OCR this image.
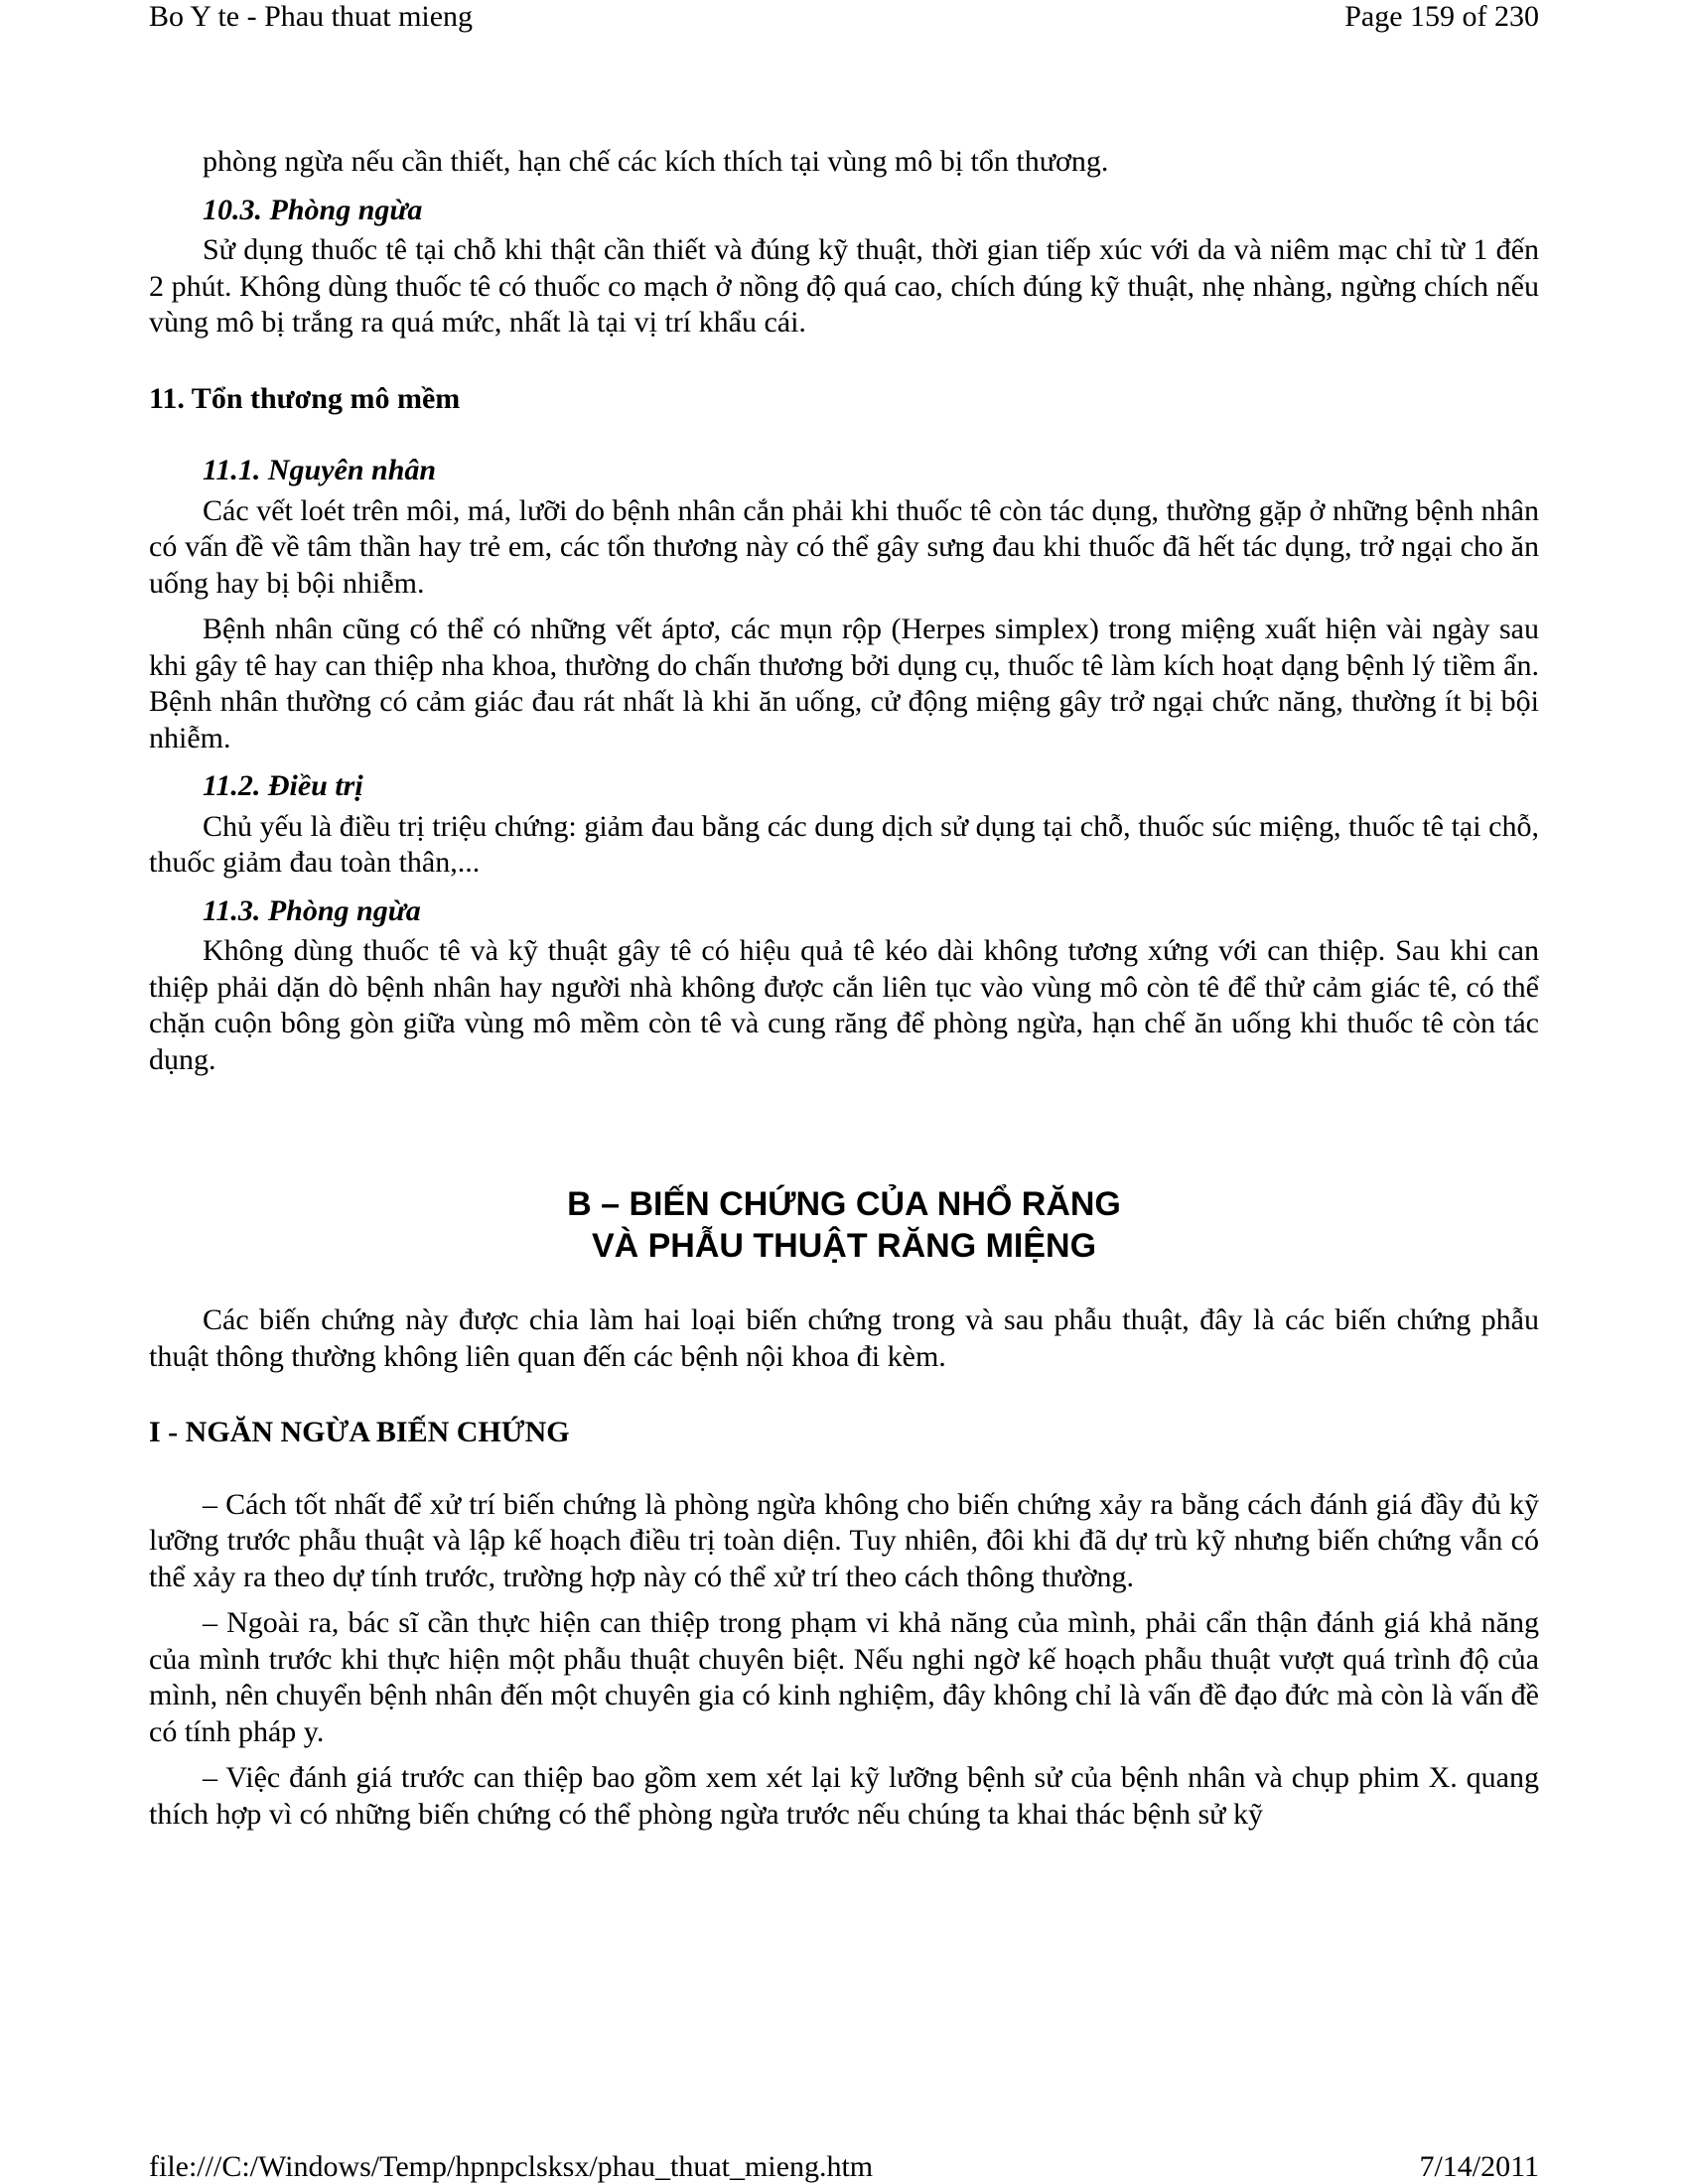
Bo Y te - Phau thuat mieng	Page 159 of 230

phòng ngừa nếu cần thiết, hạn chế các kích thích tại vùng mô bị tổn thương.

10.3. Phòng ngừa

Sử dụng thuốc tê tại chỗ khi thật cần thiết và đúng kỹ thuật, thời gian tiếp xúc với da và niêm mạc chỉ từ 1 đến 2 phút. Không dùng thuốc tê có thuốc co mạch ở nồng độ quá cao, chích đúng kỹ thuật, nhẹ nhàng, ngừng chích nếu vùng mô bị trắng ra quá mức, nhất là tại vị trí khẩu cái.

11. Tổn thương mô mềm

11.1. Nguyên nhân

Các vết loét trên môi, má, lưỡi do bệnh nhân cắn phải khi thuốc tê còn tác dụng, thường gặp ở những bệnh nhân có vấn đề về tâm thần hay trẻ em, các tổn thương này có thể gây sưng đau khi thuốc đã hết tác dụng, trở ngại cho ăn uống hay bị bội nhiễm.

Bệnh nhân cũng có thể có những vết áptơ, các mụn rộp (Herpes simplex) trong miệng xuất hiện vài ngày sau khi gây tê hay can thiệp nha khoa, thường do chấn thương bởi dụng cụ, thuốc tê làm kích hoạt dạng bệnh lý tiềm ẩn. Bệnh nhân thường có cảm giác đau rát nhất là khi ăn uống, cử động miệng gây trở ngại chức năng, thường ít bị bội nhiễm.

11.2. Điều trị

Chủ yếu là điều trị triệu chứng: giảm đau bằng các dung dịch sử dụng tại chỗ, thuốc súc miệng, thuốc tê tại chỗ, thuốc giảm đau toàn thân,...

11.3. Phòng ngừa

Không dùng thuốc tê và kỹ thuật gây tê có hiệu quả tê kéo dài không tương xứng với can thiệp. Sau khi can thiệp phải dặn dò bệnh nhân hay người nhà không được cắn liên tục vào vùng mô còn tê để thử cảm giác tê, có thể chặn cuộn bông gòn giữa vùng mô mềm còn tê và cung răng để phòng ngừa, hạn chế ăn uống khi thuốc tê còn tác dụng.

B – BIẾN CHỨNG CỦA NHỔ RĂNG
VÀ PHẪU THUẬT RĂNG MIỆNG

Các biến chứng này được chia làm hai loại biến chứng trong và sau phẫu thuật, đây là các biến chứng phẫu thuật thông thường không liên quan đến các bệnh nội khoa đi kèm.

I - NGĂN NGỪA BIẾN CHỨNG

– Cách tốt nhất để xử trí biến chứng là phòng ngừa không cho biến chứng xảy ra bằng cách đánh giá đầy đủ kỹ lưỡng trước phẫu thuật và lập kế hoạch điều trị toàn diện. Tuy nhiên, đôi khi đã dự trù kỹ nhưng biến chứng vẫn có thể xảy ra theo dự tính trước, trường hợp này có thể xử trí theo cách thông thường.

– Ngoài ra, bác sĩ cần thực hiện can thiệp trong phạm vi khả năng của mình, phải cẩn thận đánh giá khả năng của mình trước khi thực hiện một phẫu thuật chuyên biệt. Nếu nghi ngờ kế hoạch phẫu thuật vượt quá trình độ của mình, nên chuyển bệnh nhân đến một chuyên gia có kinh nghiệm, đây không chỉ là vấn đề đạo đức mà còn là vấn đề có tính pháp y.

– Việc đánh giá trước can thiệp bao gồm xem xét lại kỹ lưỡng bệnh sử của bệnh nhân và chụp phim X. quang thích hợp vì có những biến chứng có thể phòng ngừa trước nếu chúng ta khai thác bệnh sử kỹ

file:///C:/Windows/Temp/hpnpclsksx/phau_thuat_mieng.htm	7/14/2011
